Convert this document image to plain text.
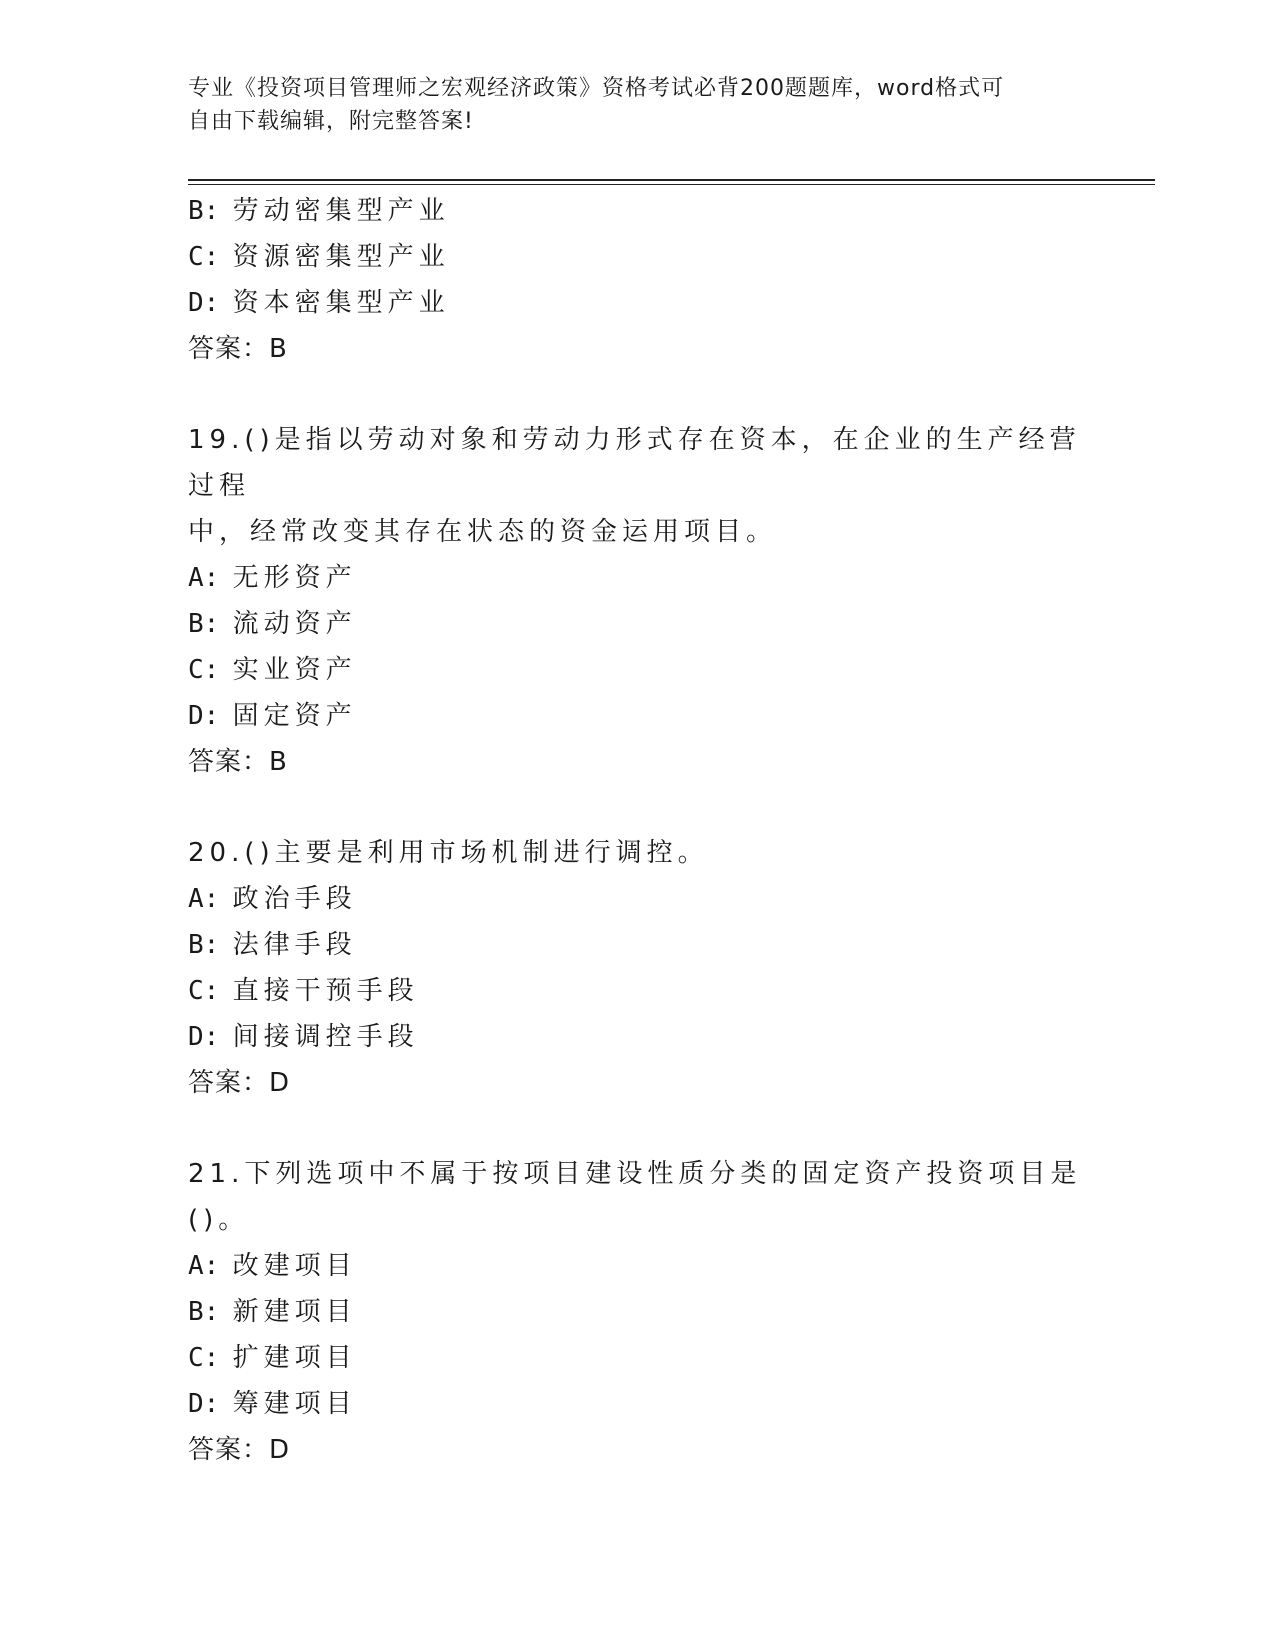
专业《投资项目管理师之宏观经济政策》资格考试必背200题题库，word格式可
自由下载编辑，附完整答案!
B: 劳动密集型产业
C: 资源密集型产业
D: 资本密集型产业
答案：B
19.()是指以劳动对象和劳动力形式存在资本，在企业的生产经营过程
中，经常改变其存在状态的资金运用项目。
A: 无形资产
B: 流动资产
C: 实业资产
D: 固定资产
答案：B
20.()主要是利用市场机制进行调控。
A: 政治手段
B: 法律手段
C: 直接干预手段
D: 间接调控手段
答案：D
21.下列选项中不属于按项目建设性质分类的固定资产投资项目是()。
A: 改建项目
B: 新建项目
C: 扩建项目
D: 筹建项目
答案：D
